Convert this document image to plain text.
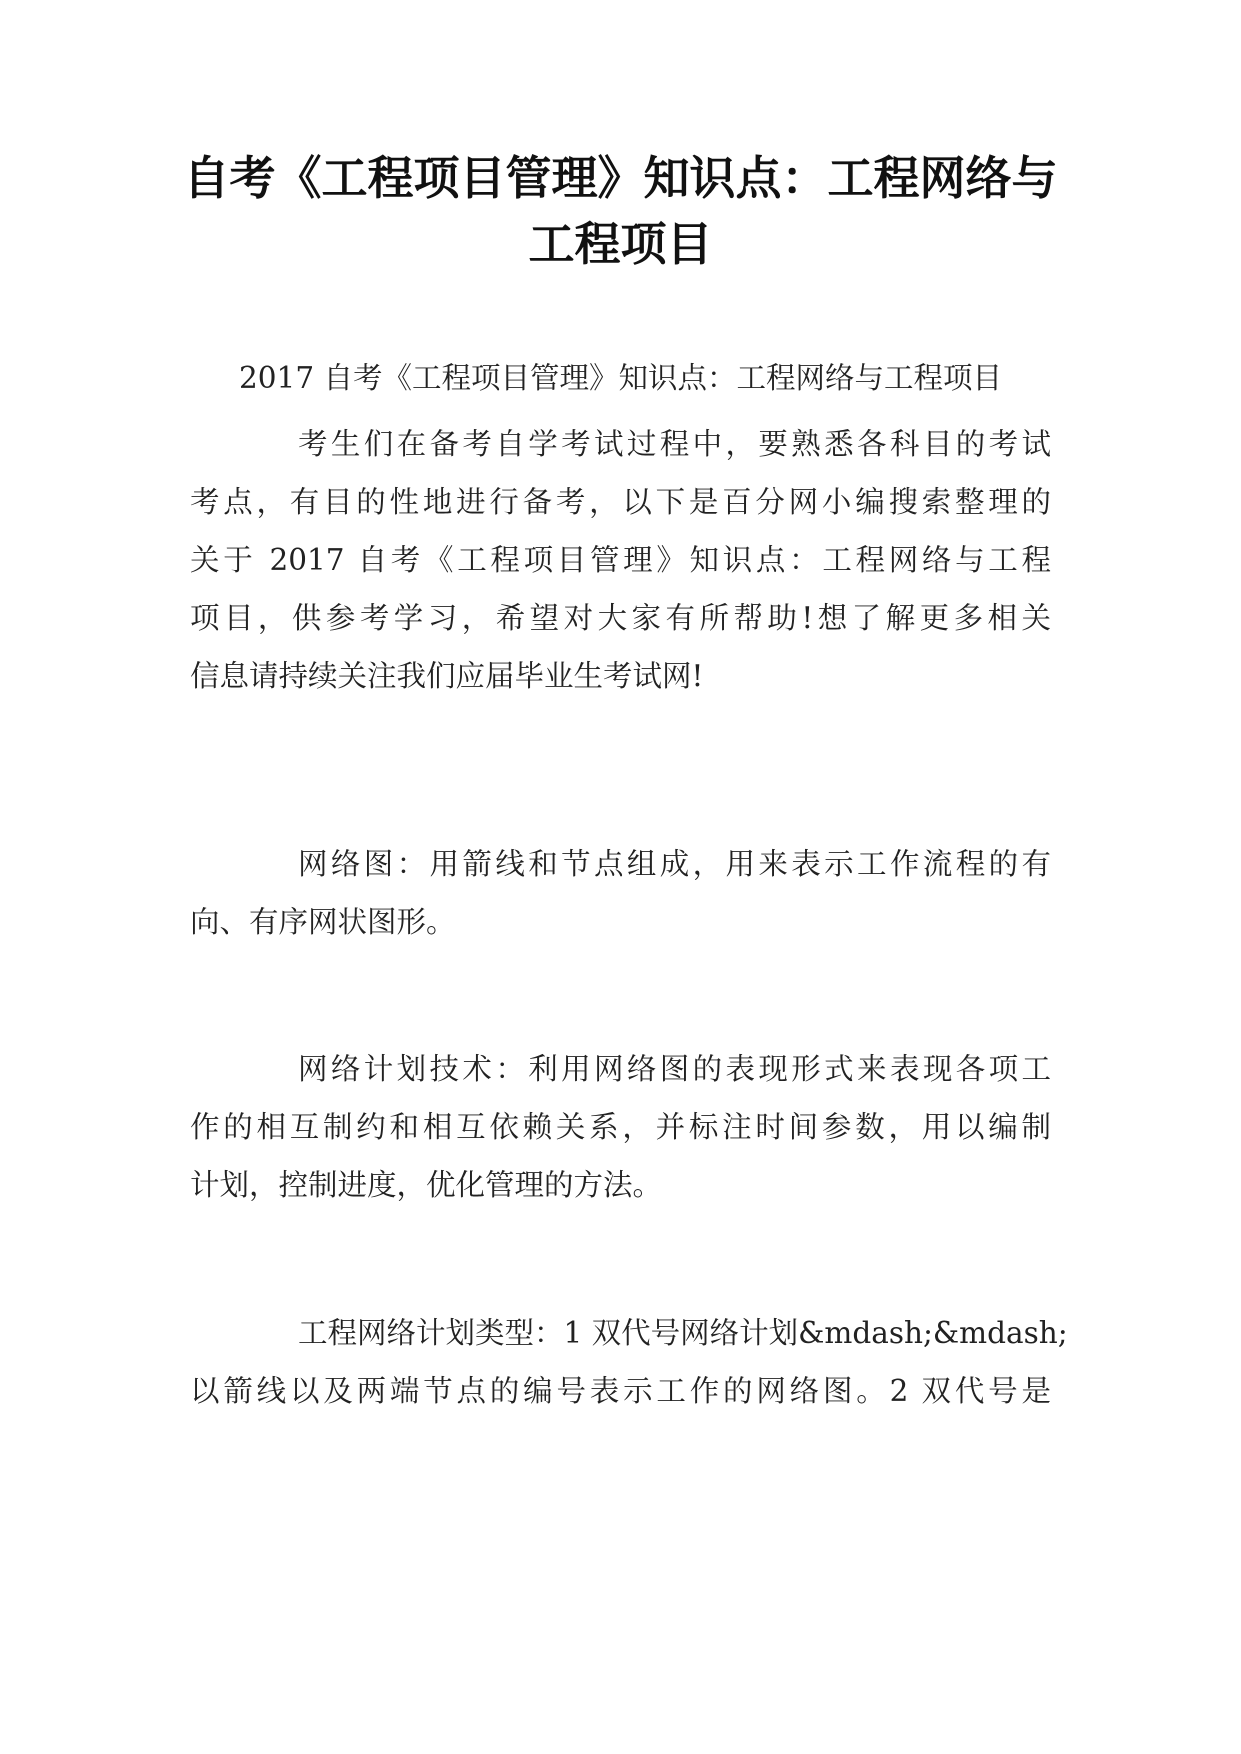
自考《工程项目管理》知识点：工程网络与
工程项目

2017 自考《工程项目管理》知识点：工程网络与工程项目

考生们在备考自学考试过程中，要熟悉各科目的考试
考点，有目的性地进行备考，以下是百分网小编搜索整理的
关于 2017 自考《工程项目管理》知识点：工程网络与工程
项目，供参考学习，希望对大家有所帮助!想了解更多相关
信息请持续关注我们应届毕业生考试网!

网络图：用箭线和节点组成，用来表示工作流程的有
向、有序网状图形。

网络计划技术：利用网络图的表现形式来表现各项工
作的相互制约和相互依赖关系，并标注时间参数，用以编制
计划，控制进度，优化管理的方法。

工程网络计划类型：1 双代号网络计划&mdash;&mdash;
以箭线以及两端节点的编号表示工作的网络图。2 双代号是
